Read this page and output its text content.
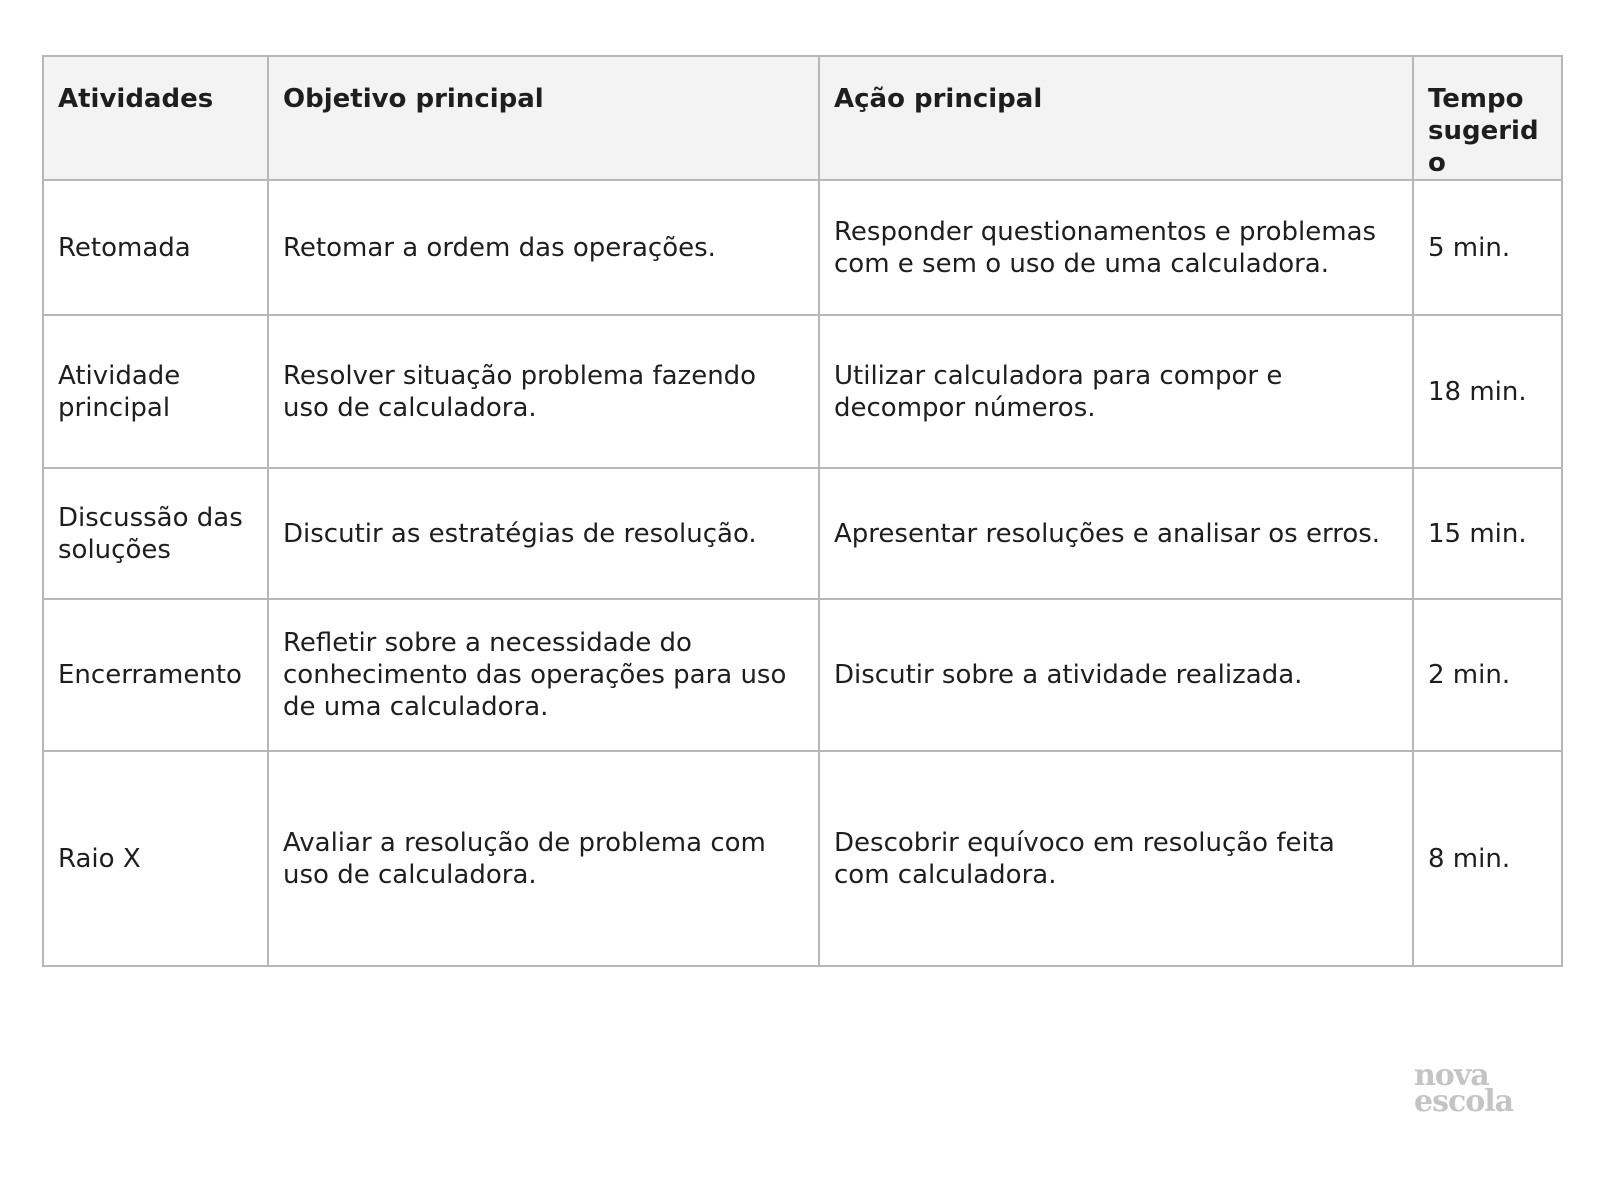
Atividades	Objetivo principal	Ação principal	Tempo sugerido
Retomada	Retomar a ordem das operações.	Responder questionamentos e problemas com e sem o uso de uma calculadora.	5 min.
Atividade principal	Resolver situação problema fazendo uso de calculadora.	Utilizar calculadora para compor e decompor números.	18 min.
Discussão das soluções	Discutir as estratégias de resolução.	Apresentar resoluções e analisar os erros.	15 min.
Encerramento	Refletir sobre a necessidade do conhecimento das operações para uso de uma calculadora.	Discutir sobre a atividade realizada.	2 min.
Raio X	Avaliar a resolução de problema com uso de calculadora.	Descobrir equívoco em resolução feita com calculadora.	8 min.
nova
escola
